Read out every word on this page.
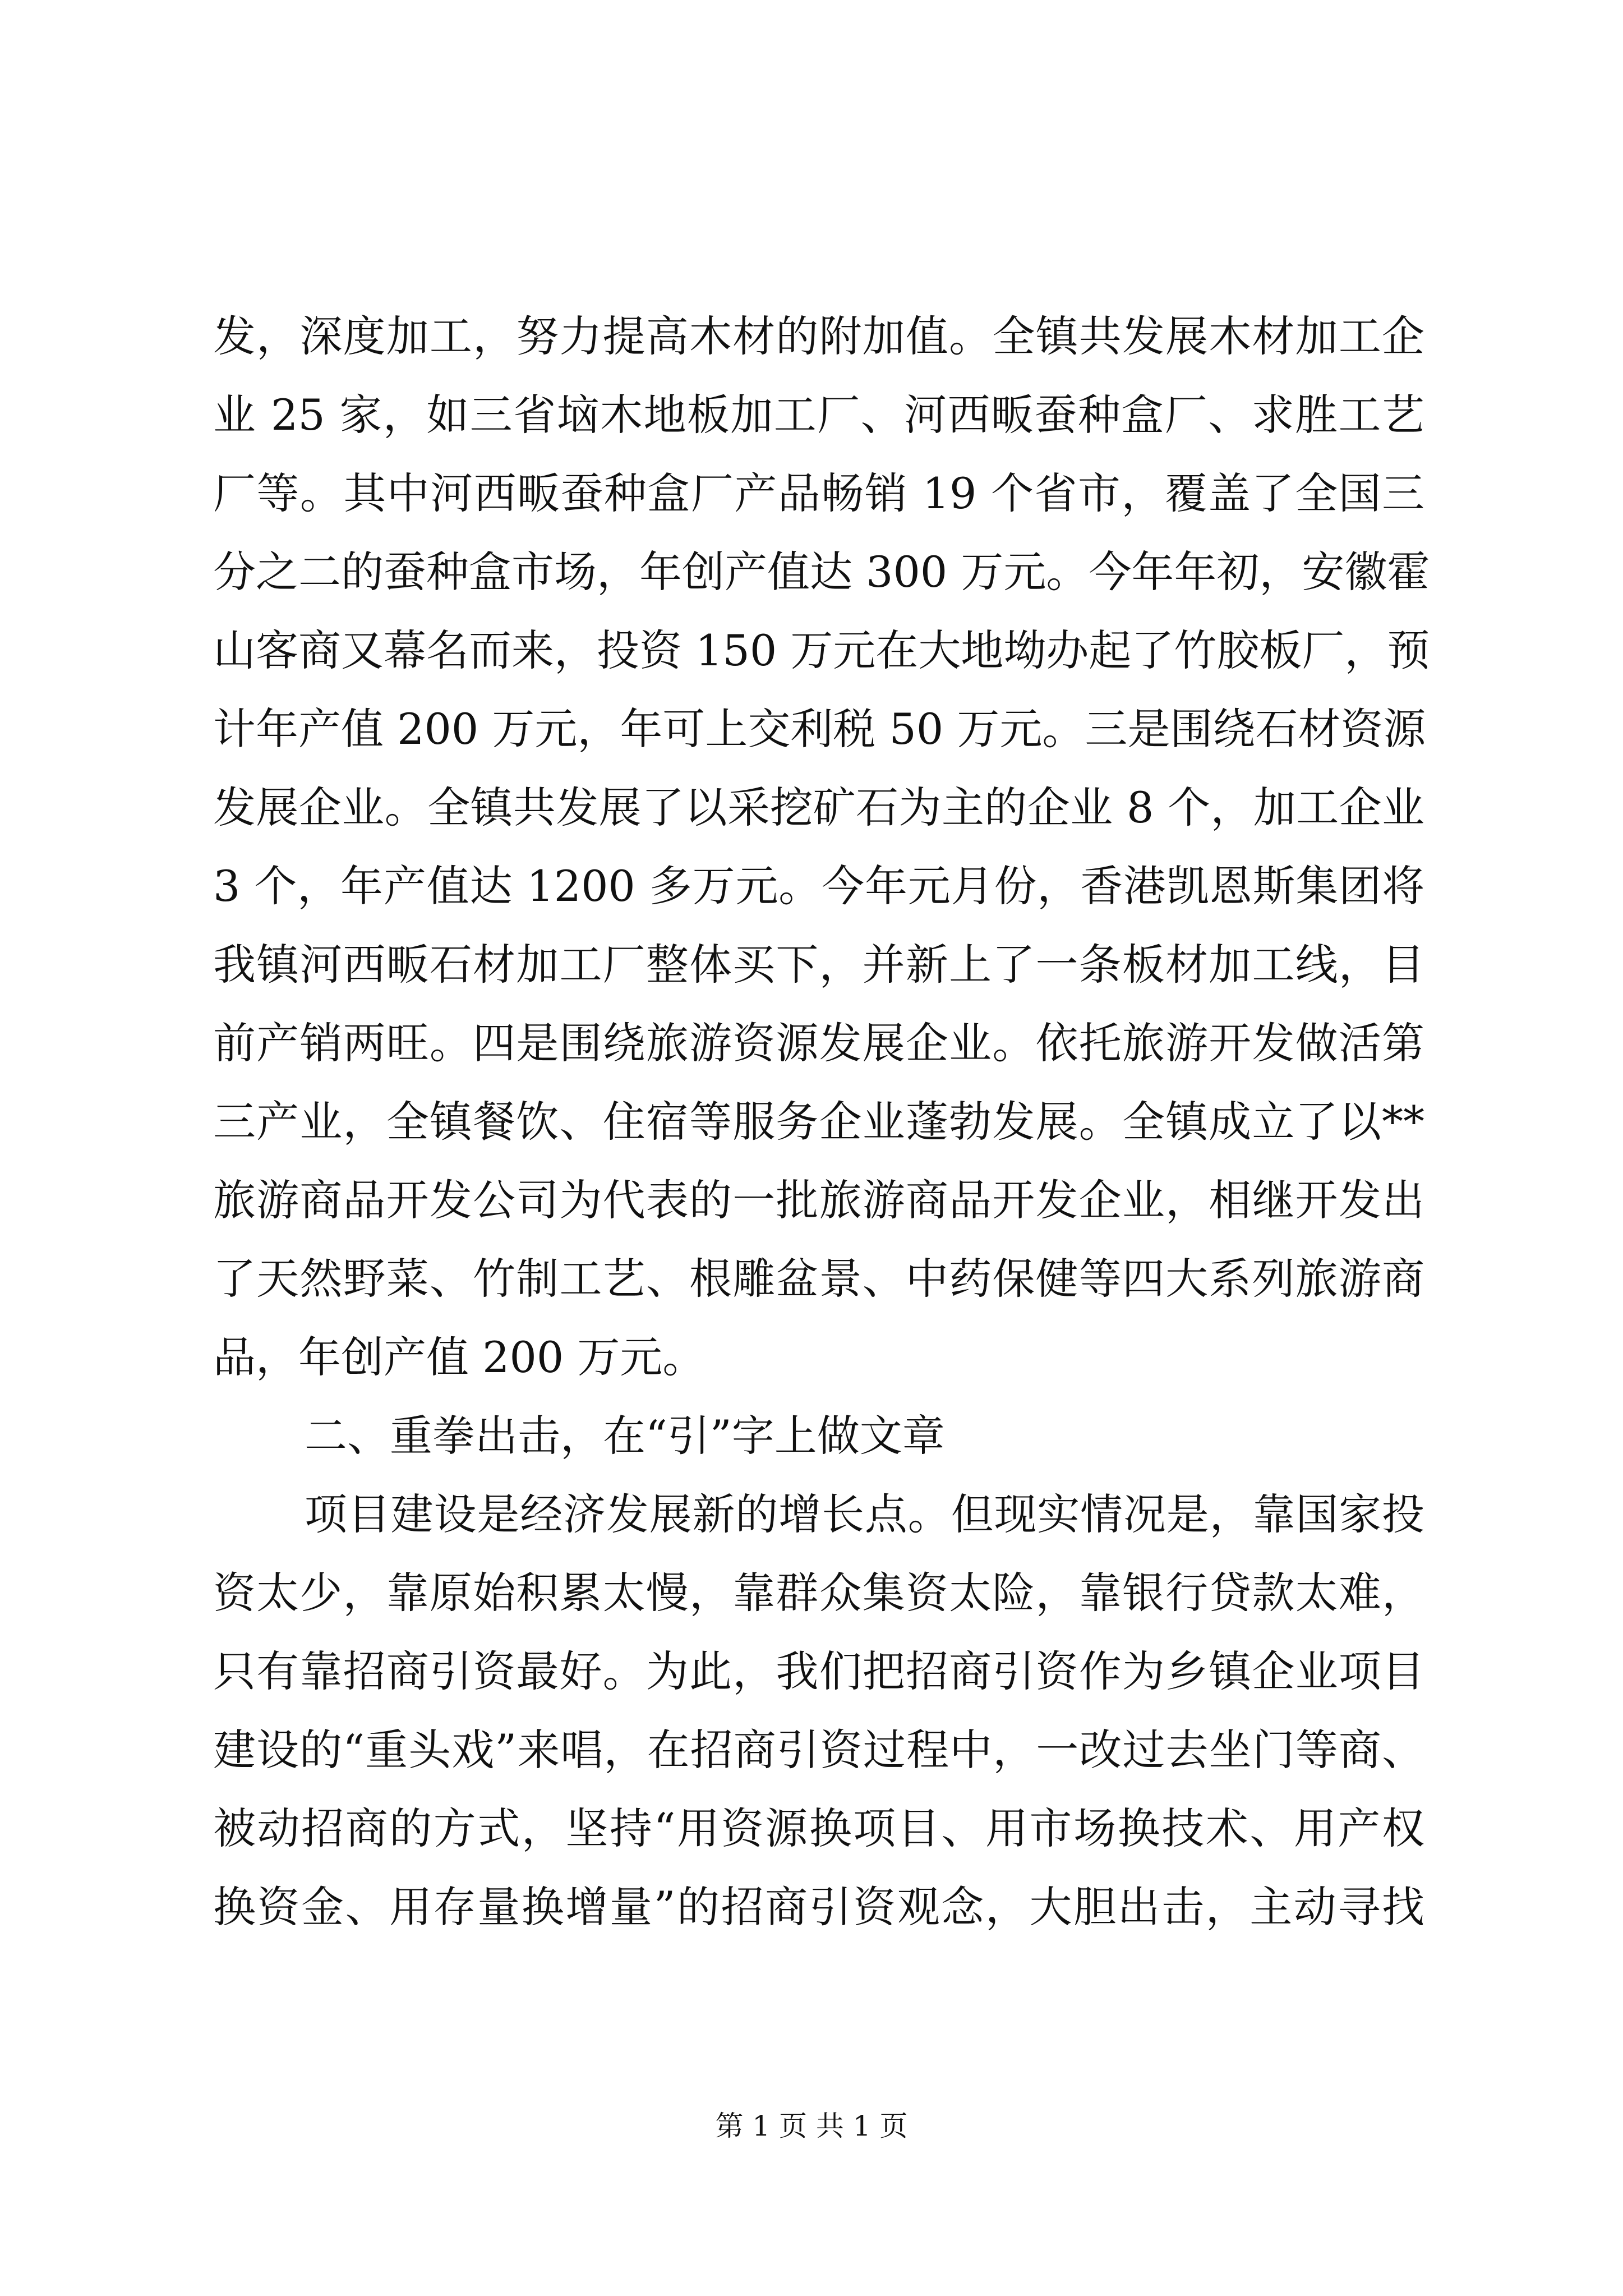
发，深度加工，努力提高木材的附加值。全镇共发展木材加工企
业 25 家，如三省垴木地板加工厂、河西畈蚕种盒厂、求胜工艺
厂等。其中河西畈蚕种盒厂产品畅销 19 个省市，覆盖了全国三
分之二的蚕种盒市场，年创产值达 300 万元。今年年初，安徽霍
山客商又幕名而来，投资 150 万元在大地坳办起了竹胶板厂，预
计年产值 200 万元，年可上交利税 50 万元。三是围绕石材资源
发展企业。全镇共发展了以采挖矿石为主的企业 8 个，加工企业
3 个，年产值达 1200 多万元。今年元月份，香港凯恩斯集团将
我镇河西畈石材加工厂整体买下，并新上了一条板材加工线，目
前产销两旺。四是围绕旅游资源发展企业。依托旅游开发做活第
三产业，全镇餐饮、住宿等服务企业蓬勃发展。全镇成立了以**
旅游商品开发公司为代表的一批旅游商品开发企业，相继开发出
了天然野菜、竹制工艺、根雕盆景、中药保健等四大系列旅游商
品，年创产值 200 万元。
二、重拳出击，在“引”字上做文章
项目建设是经济发展新的增长点。但现实情况是，靠国家投
资太少，靠原始积累太慢，靠群众集资太险，靠银行贷款太难，
只有靠招商引资最好。为此，我们把招商引资作为乡镇企业项目
建设的“重头戏”来唱，在招商引资过程中，一改过去坐门等商、
被动招商的方式，坚持“用资源换项目、用市场换技术、用产权
换资金、用存量换增量”的招商引资观念，大胆出击，主动寻找
第 1 页 共 1 页
